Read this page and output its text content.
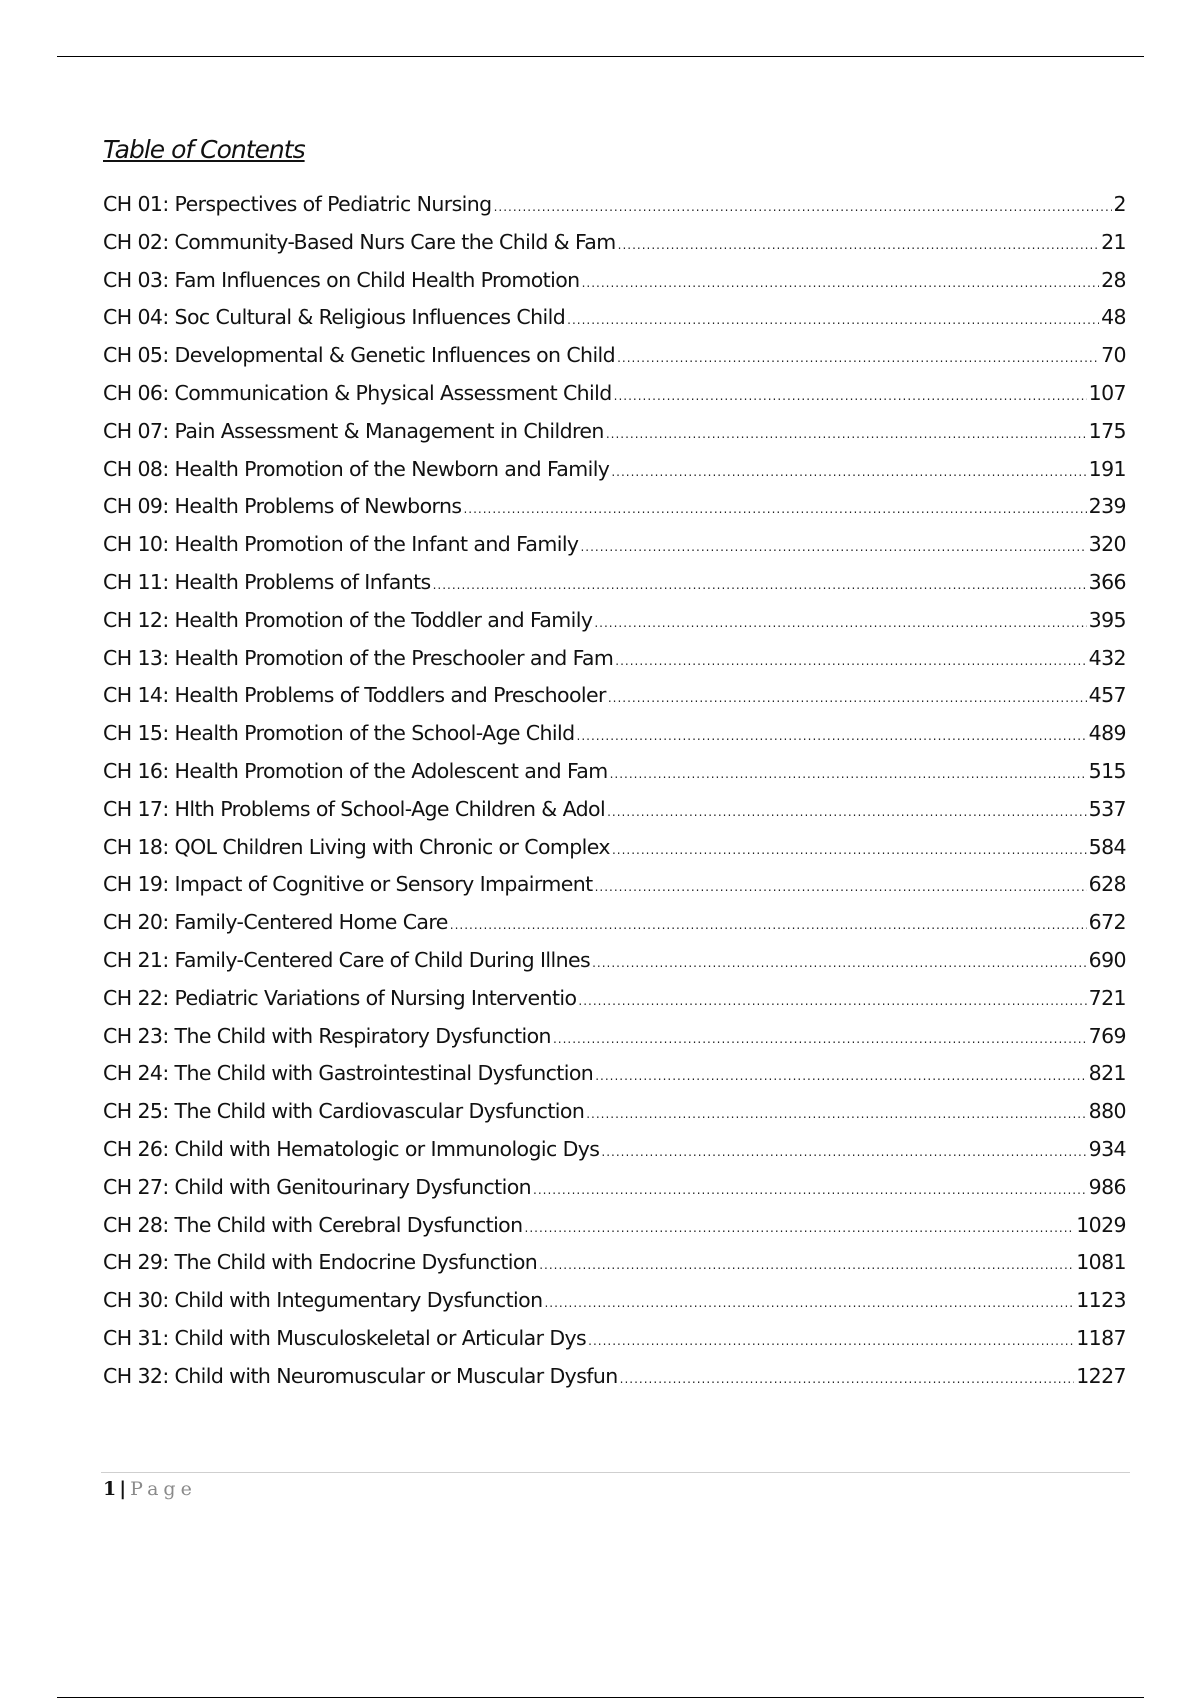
Table of Contents
CH 01: Perspectives of Pediatric Nursing .....	2
CH 02: Community-Based Nurs Care the Child & Fam .....	21
CH 03: Fam Influences on Child Health Promotion .....	28
CH 04: Soc Cultural & Religious Influences Child .....	48
CH 05: Developmental & Genetic Influences on Child .....	70
CH 06: Communication & Physical Assessment Child .....	107
CH 07: Pain Assessment & Management in Children .....	175
CH 08: Health Promotion of the Newborn and Family .....	191
CH 09: Health Problems of Newborns .....	239
CH 10: Health Promotion of the Infant and Family .....	320
CH 11: Health Problems of Infants .....	366
CH 12: Health Promotion of the Toddler and Family .....	395
CH 13: Health Promotion of the Preschooler and Fam .....	432
CH 14: Health Problems of Toddlers and Preschooler .....	457
CH 15: Health Promotion of the School-Age Child .....	489
CH 16: Health Promotion of the Adolescent and Fam .....	515
CH 17: Hlth Problems of School-Age Children & Adol .....	537
CH 18: QOL Children Living with Chronic or Complex .....	584
CH 19: Impact of Cognitive or Sensory Impairment .....	628
CH 20: Family-Centered Home Care .....	672
CH 21: Family-Centered Care of Child During Illnes .....	690
CH 22: Pediatric Variations of Nursing Interventio .....	721
CH 23: The Child with Respiratory Dysfunction .....	769
CH 24: The Child with Gastrointestinal Dysfunction .....	821
CH 25: The Child with Cardiovascular Dysfunction .....	880
CH 26: Child with Hematologic or Immunologic Dys .....	934
CH 27: Child with Genitourinary Dysfunction .....	986
CH 28: The Child with Cerebral Dysfunction .....	1029
CH 29: The Child with Endocrine Dysfunction .....	1081
CH 30: Child with Integumentary Dysfunction .....	1123
CH 31: Child with Musculoskeletal or Articular Dys .....	1187
CH 32: Child with Neuromuscular or Muscular Dysfun .....	1227
1 | Page
